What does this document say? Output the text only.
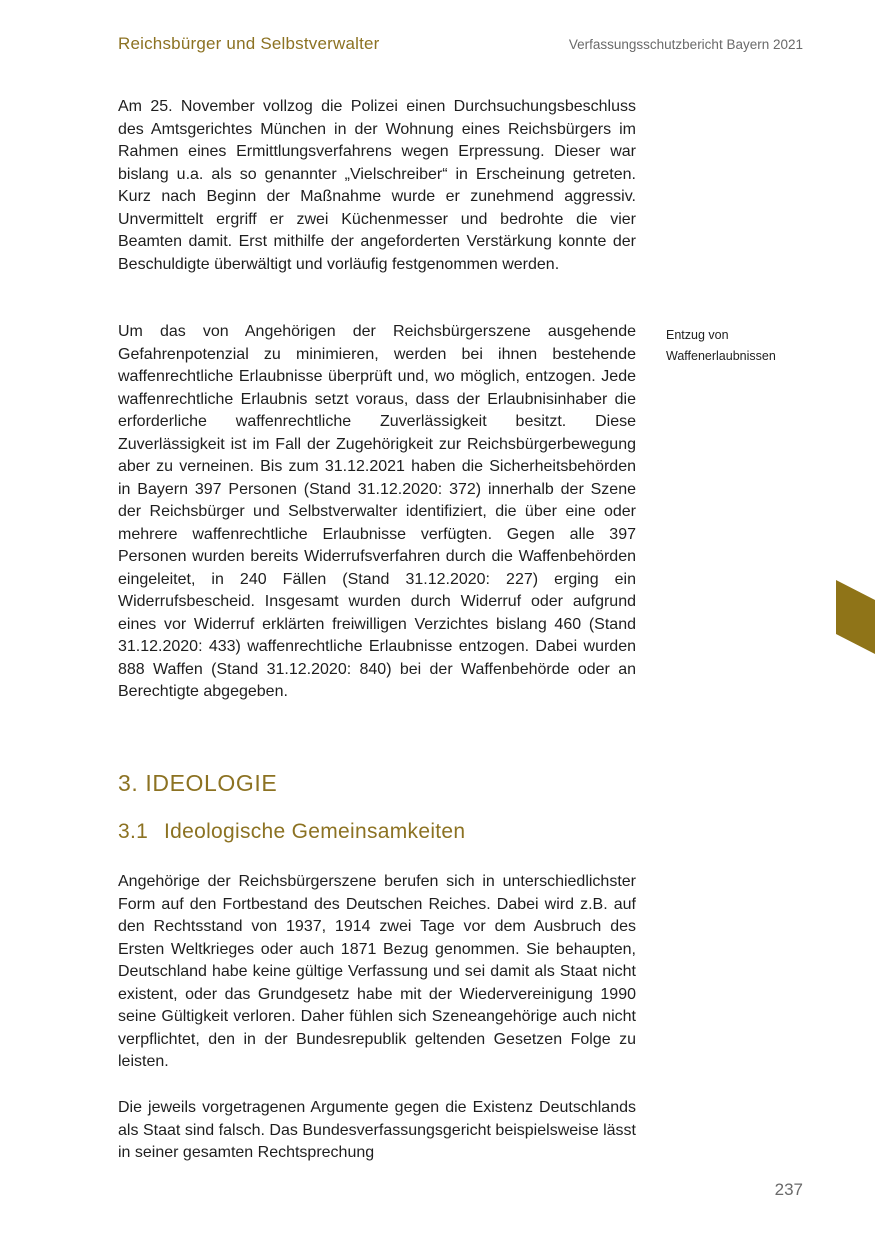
Reichsbürger und Selbstverwalter	Verfassungsschutzbericht Bayern 2021

Am 25. November vollzog die Polizei einen Durchsuchungsbeschluss des Amtsgerichtes München in der Wohnung eines Reichsbürgers im Rahmen eines Ermittlungsverfahrens wegen Erpressung. Dieser war bislang u.a. als so genannter „Vielschreiber“ in Erscheinung getreten. Kurz nach Beginn der Maßnahme wurde er zunehmend aggressiv. Unvermittelt ergriff er zwei Küchenmesser und bedrohte die vier Beamten damit. Erst mithilfe der angeforderten Verstärkung konnte der Beschuldigte überwältigt und vorläufig festgenommen werden.

Um das von Angehörigen der Reichsbürgerszene ausgehende Gefahrenpotenzial zu minimieren, werden bei ihnen bestehende waffenrechtliche Erlaubnisse überprüft und, wo möglich, entzogen. Jede waffenrechtliche Erlaubnis setzt voraus, dass der Erlaubnisinhaber die erforderliche waffenrechtliche Zuverlässigkeit besitzt. Diese Zuverlässigkeit ist im Fall der Zugehörigkeit zur Reichsbürgerbewegung aber zu verneinen. Bis zum 31.12.2021 haben die Sicherheitsbehörden in Bayern 397 Personen (Stand 31.12.2020: 372) innerhalb der Szene der Reichsbürger und Selbstverwalter identifiziert, die über eine oder mehrere waffenrechtliche Erlaubnisse verfügten. Gegen alle 397 Personen wurden bereits Widerrufsverfahren durch die Waffenbehörden eingeleitet, in 240 Fällen (Stand 31.12.2020: 227) erging ein Widerrufsbescheid. Insgesamt wurden durch Widerruf oder aufgrund eines vor Widerruf erklärten freiwilligen Verzichtes bislang 460 (Stand 31.12.2020: 433) waffenrechtliche Erlaubnisse entzogen. Dabei wurden 888 Waffen (Stand 31.12.2020: 840) bei der Waffenbehörde oder an Berechtigte abgegeben.

Entzug von Waffenerlaubnissen
3. IDEOLOGIE
3.1 Ideologische Gemeinsamkeiten

Angehörige der Reichsbürgerszene berufen sich in unterschiedlichster Form auf den Fortbestand des Deutschen Reiches. Dabei wird z.B. auf den Rechtsstand von 1937, 1914 zwei Tage vor dem Ausbruch des Ersten Weltkrieges oder auch 1871 Bezug genommen. Sie behaupten, Deutschland habe keine gültige Verfassung und sei damit als Staat nicht existent, oder das Grundgesetz habe mit der Wiedervereinigung 1990 seine Gültigkeit verloren. Daher fühlen sich Szeneangehörige auch nicht verpflichtet, den in der Bundesrepublik geltenden Gesetzen Folge zu leisten.

Die jeweils vorgetragenen Argumente gegen die Existenz Deutschlands als Staat sind falsch. Das Bundesverfassungsgericht beispielsweise lässt in seiner gesamten Rechtsprechung

237
